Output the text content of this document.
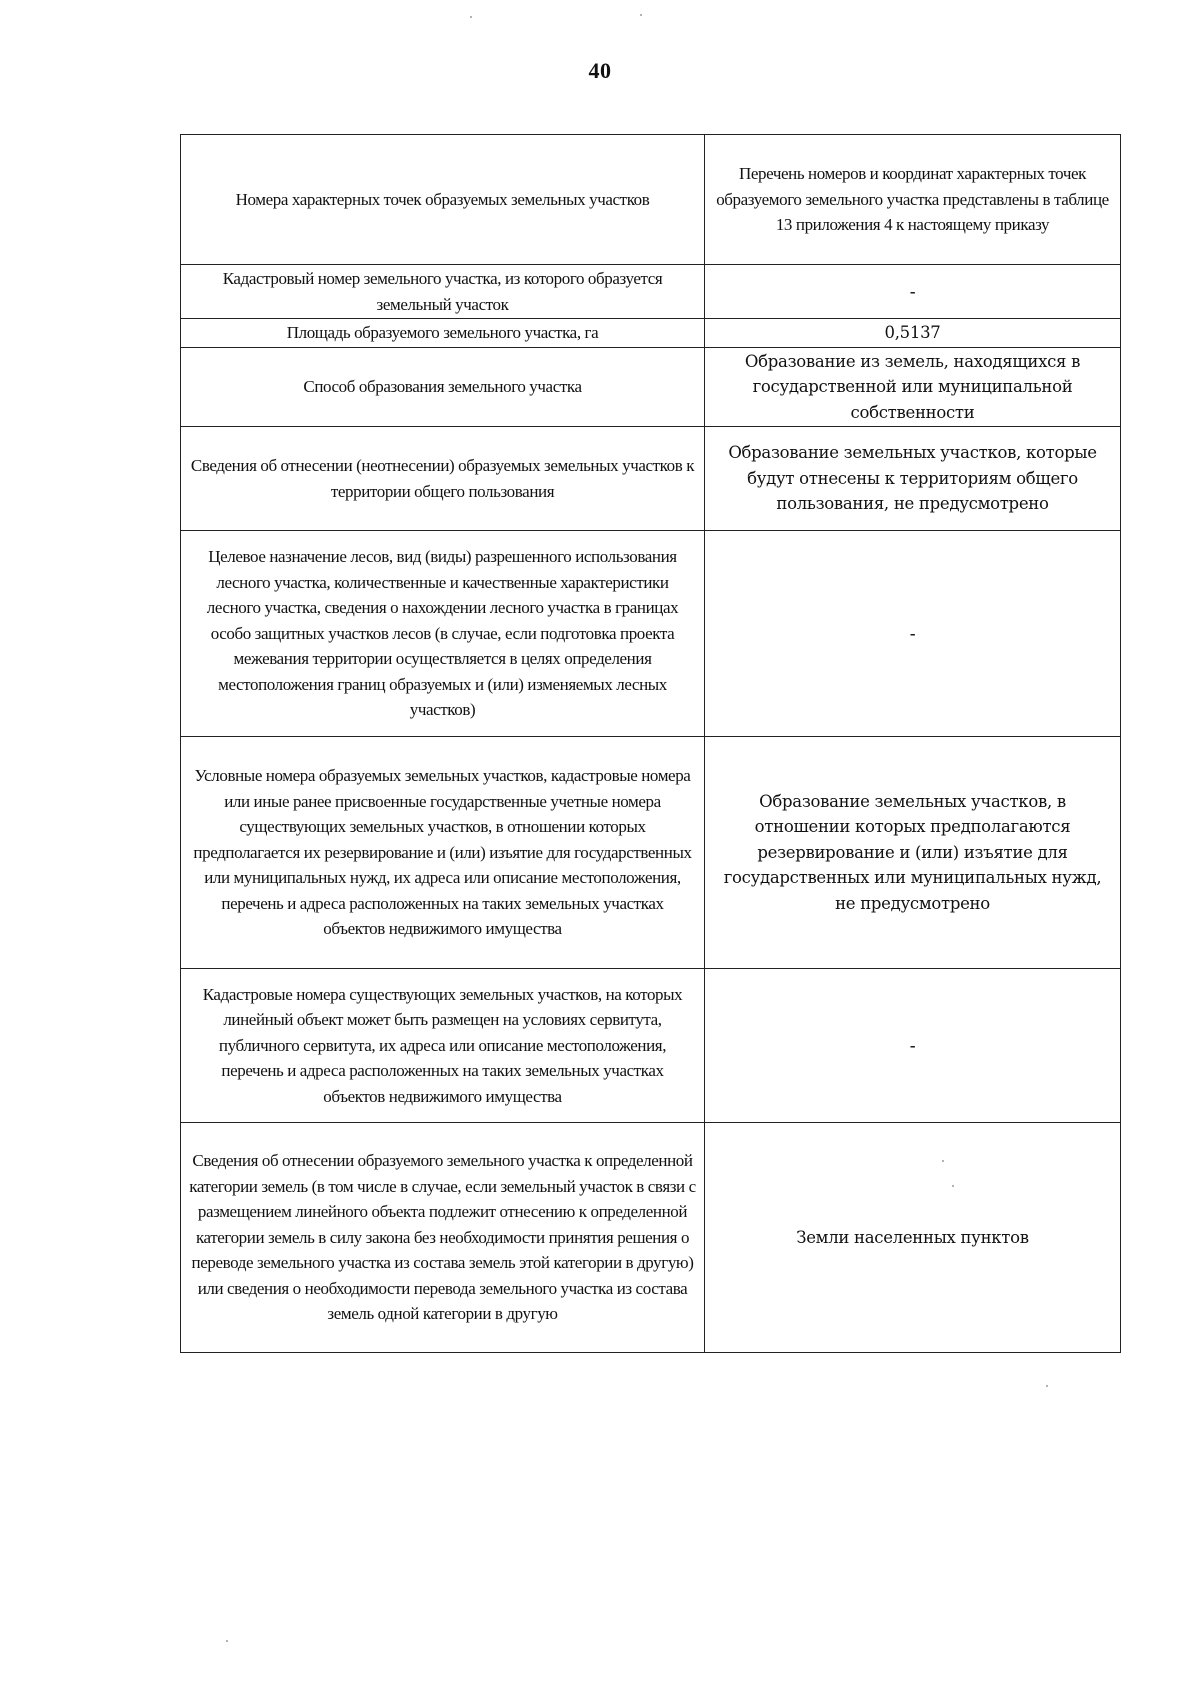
40
Номера характерных точек образуемых земельных участков	Перечень номеров и координат характерных точек образуемого земельного участка представлены в таблице 13 приложения 4 к настоящему приказу
Кадастровый номер земельного участка, из которого образуется земельный участок	-
Площадь образуемого земельного участка, га	0,5137
Способ образования земельного участка	Образование из земель, находящихся в государственной или муниципальной собственности
Сведения об отнесении (неотнесении) образуемых земельных участков к территории общего пользования	Образование земельных участков, которые будут отнесены к территориям общего пользования, не предусмотрено
Целевое назначение лесов, вид (виды) разрешенного использования лесного участка, количественные и качественные характеристики лесного участка, сведения о нахождении лесного участка в границах особо защитных участков лесов (в случае, если подготовка проекта межевания территории осуществляется в целях определения местоположения границ образуемых и (или) изменяемых лесных участков)	-
Условные номера образуемых земельных участков, кадастровые номера или иные ранее присвоенные государственные учетные номера существующих земельных участков, в отношении которых предполагается их резервирование и (или) изъятие для государственных или муниципальных нужд, их адреса или описание местоположения, перечень и адреса расположенных на таких земельных участках объектов недвижимого имущества	Образование земельных участков, в отношении которых предполагаются резервирование и (или) изъятие для государственных или муниципальных нужд, не предусмотрено
Кадастровые номера существующих земельных участков, на которых линейный объект может быть размещен на условиях сервитута, публичного сервитута, их адреса или описание местоположения, перечень и адреса расположенных на таких земельных участках объектов недвижимого имущества	-
Сведения об отнесении образуемого земельного участка к определенной категории земель (в том числе в случае, если земельный участок в связи с размещением линейного объекта подлежит отнесению к определенной категории земель в силу закона без необходимости принятия решения о переводе земельного участка из состава земель этой категории в другую) или сведения о необходимости перевода земельного участка из состава земель одной категории в другую	Земли населенных пунктов
